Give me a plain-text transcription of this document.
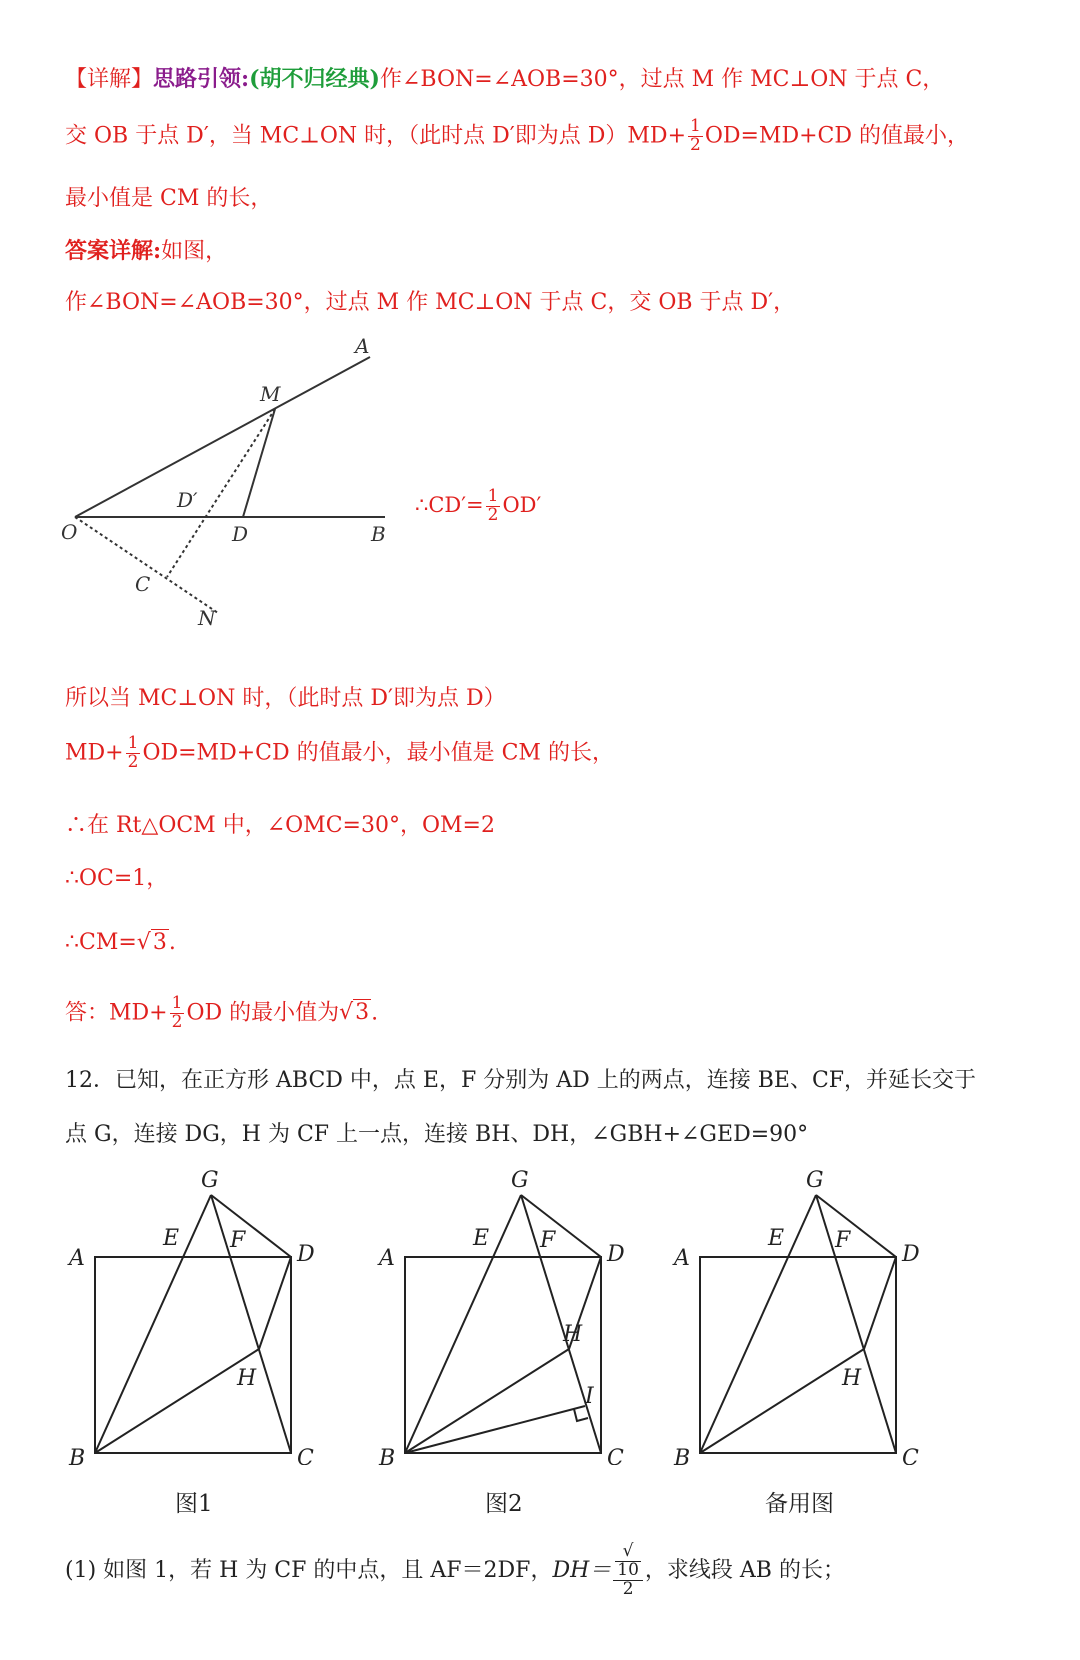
【详解】思路引领:(胡不归经典)作∠BON=∠AOB=30°，过点 M 作 MC⊥ON 于点 C，
交 OB 于点 D′，当 MC⊥ON 时，（此时点 D′即为点 $D)MD+ \frac{1}{2} OD=MD+CD$ 的值最小，
最小值是 CM 的长，
答案详解:如图，
作∠BON=∠AOB=30°，过点 M 作 MC⊥ON 于点 C，交 OB 于点 D′，
A
M
D′
O	D	B
C
N
∴CD′= $\frac{1}{2} OD'$
所以当 MC⊥ON 时，（此时点 D′即为点 D）
$MD+ \frac{1}{2} OD=MD+CD$ 的值最小，最小值是 CM 的长，
∴在 Rt△OCM 中，∠OMC=30°，OM=2
∴OC=1，
∴CM=√3.
答：$MD+ \frac{1}{2}$ OD 的最小值为√3.
12．已知，在正方形 ABCD 中，点 E，F 分别为 AD 上的两点，连接 BE、CF，并延长交于
点 G，连接 DG，H 为 CF 上一点，连接 BH、DH，∠GBH+∠GED=90°
G
A
E F
D
H
B	C
G
A
E F
D
H
I
B	C
G
A
E F
D
H
B	C
图1	图2	备用图
(1) 如图 1，若 H 为 CF 的中点，且 AF＝2DF，DH＝ √
10
2 ，求线段 AB 的长；
